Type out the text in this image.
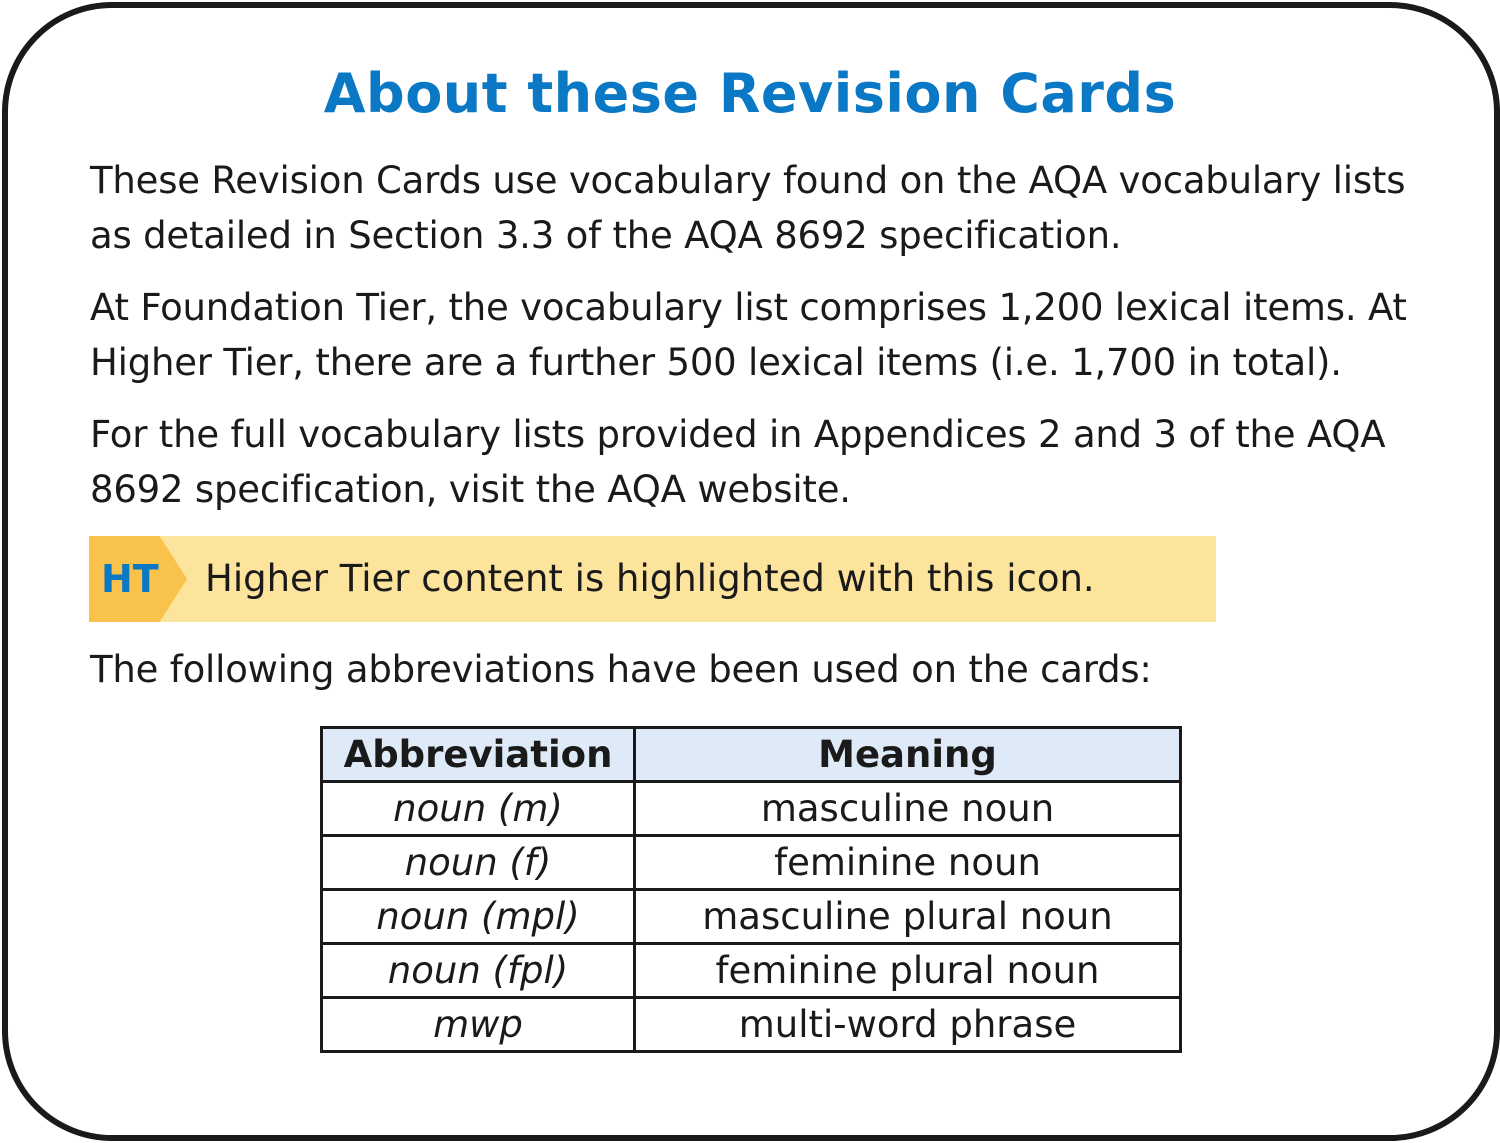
About these Revision Cards

These Revision Cards use vocabulary found on the AQA vocabulary lists as detailed in Section 3.3 of the AQA 8692 specification.

At Foundation Tier, the vocabulary list comprises 1,200 lexical items. At Higher Tier, there are a further 500 lexical items (i.e. 1,700 in total).

For the full vocabulary lists provided in Appendices 2 and 3 of the AQA 8692 specification, visit the AQA website.

HT Higher Tier content is highlighted with this icon.

The following abbreviations have been used on the cards:

Abbreviation	Meaning
noun (m)	masculine noun
noun (f)	feminine noun
noun (mpl)	masculine plural noun
noun (fpl)	feminine plural noun
mwp	multi-word phrase
